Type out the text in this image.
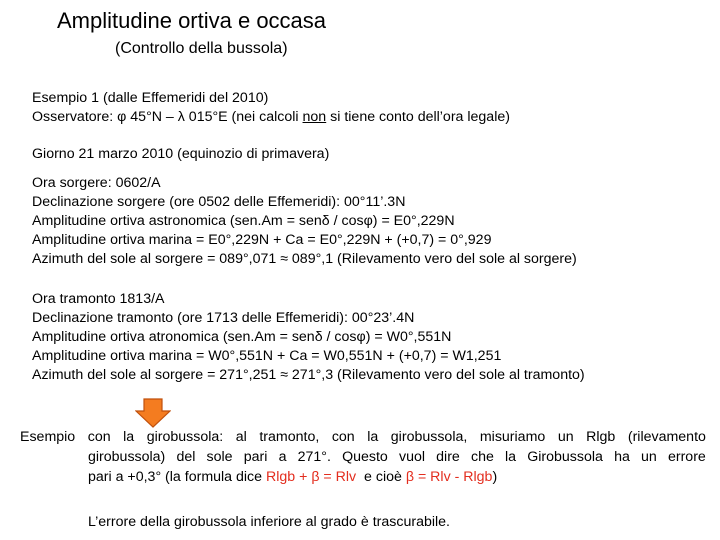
Amplitudine ortiva e occasa
(Controllo della bussola)
Esempio 1 (dalle Effemeridi del 2010)
Osservatore: φ 45°N – λ 015°E (nei calcoli non si tiene conto dell’ora legale)
Giorno 21 marzo 2010 (equinozio di primavera)
Ora sorgere: 0602/A
Declinazione sorgere (ore 0502 delle Effemeridi): 00°11’.3N
Amplitudine ortiva astronomica (sen.Am = senδ / cosφ) = E0°,229N
Amplitudine ortiva marina = E0°,229N + Ca = E0°,229N + (+0,7) = 0°,929
Azimuth del sole al sorgere = 089°,071 ≈ 089°,1 (Rilevamento vero del sole al sorgere)
Ora tramonto 1813/A
Declinazione tramonto (ore 1713 delle Effemeridi): 00°23’.4N
Amplitudine ortiva atronomica (sen.Am = senδ / cosφ) = W0°,551N
Amplitudine ortiva marina = W0°,551N + Ca = W0,551N + (+0,7) = W1,251
Azimuth del sole al sorgere = 271°,251 ≈ 271°,3 (Rilevamento vero del sole al tramonto)
Esempio con la girobussola: al tramonto, con la girobussola, misuriamo un Rlgb (rilevamento
girobussola) del sole pari a 271°. Questo vuol dire che la Girobussola ha un errore
pari a +0,3° (la formula dice Rlgb + β = Rlv  e cioè β = Rlv - Rlgb)
L’errore della girobussola inferiore al grado è trascurabile.
